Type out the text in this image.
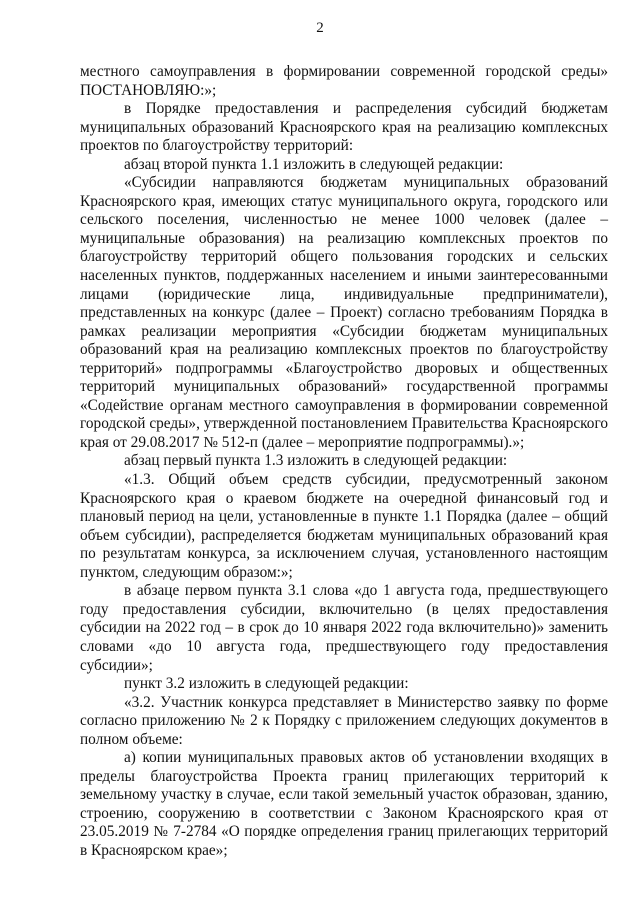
2

местного самоуправления в формировании современной городской среды» ПОСТАНОВЛЯЮ:»;

в Порядке предоставления и распределения субсидий бюджетам муниципальных образований Красноярского края на реализацию комплексных проектов по благоустройству территорий:

абзац второй пункта 1.1 изложить в следующей редакции:

«Субсидии направляются бюджетам муниципальных образований Красноярского края, имеющих статус муниципального округа, городского или сельского поселения, численностью не менее 1000 человек (далее – муниципальные образования) на реализацию комплексных проектов по благоустройству территорий общего пользования городских и сельских населенных пунктов, поддержанных населением и иными заинтересованными лицами (юридические лица, индивидуальные предприниматели), представленных на конкурс (далее – Проект) согласно требованиям Порядка в рамках реализации мероприятия «Субсидии бюджетам муниципальных образований края на реализацию комплексных проектов по благоустройству территорий» подпрограммы «Благоустройство дворовых и общественных территорий муниципальных образований» государственной программы «Содействие органам местного самоуправления в формировании современной городской среды», утвержденной постановлением Правительства Красноярского края от 29.08.2017 № 512-п (далее – мероприятие подпрограммы).»;

абзац первый пункта 1.3 изложить в следующей редакции:

«1.3. Общий объем средств субсидии, предусмотренный законом Красноярского края о краевом бюджете на очередной финансовый год и плановый период на цели, установленные в пункте 1.1 Порядка (далее – общий объем субсидии), распределяется бюджетам муниципальных образований края по результатам конкурса, за исключением случая, установленного настоящим пунктом, следующим образом:»;

в абзаце первом пункта 3.1 слова «до 1 августа года, предшествующего году предоставления субсидии, включительно (в целях предоставления субсидии на 2022 год – в срок до 10 января 2022 года включительно)» заменить словами «до 10 августа года, предшествующего году предоставления субсидии»;

пункт 3.2 изложить в следующей редакции:

«3.2. Участник конкурса представляет в Министерство заявку по форме согласно приложению № 2 к Порядку с приложением следующих документов в полном объеме:

а) копии муниципальных правовых актов об установлении входящих в пределы благоустройства Проекта границ прилегающих территорий к земельному участку в случае, если такой земельный участок образован, зданию, строению, сооружению в соответствии с Законом Красноярского края от 23.05.2019 № 7-2784 «О порядке определения границ прилегающих территорий в Красноярском крае»;
